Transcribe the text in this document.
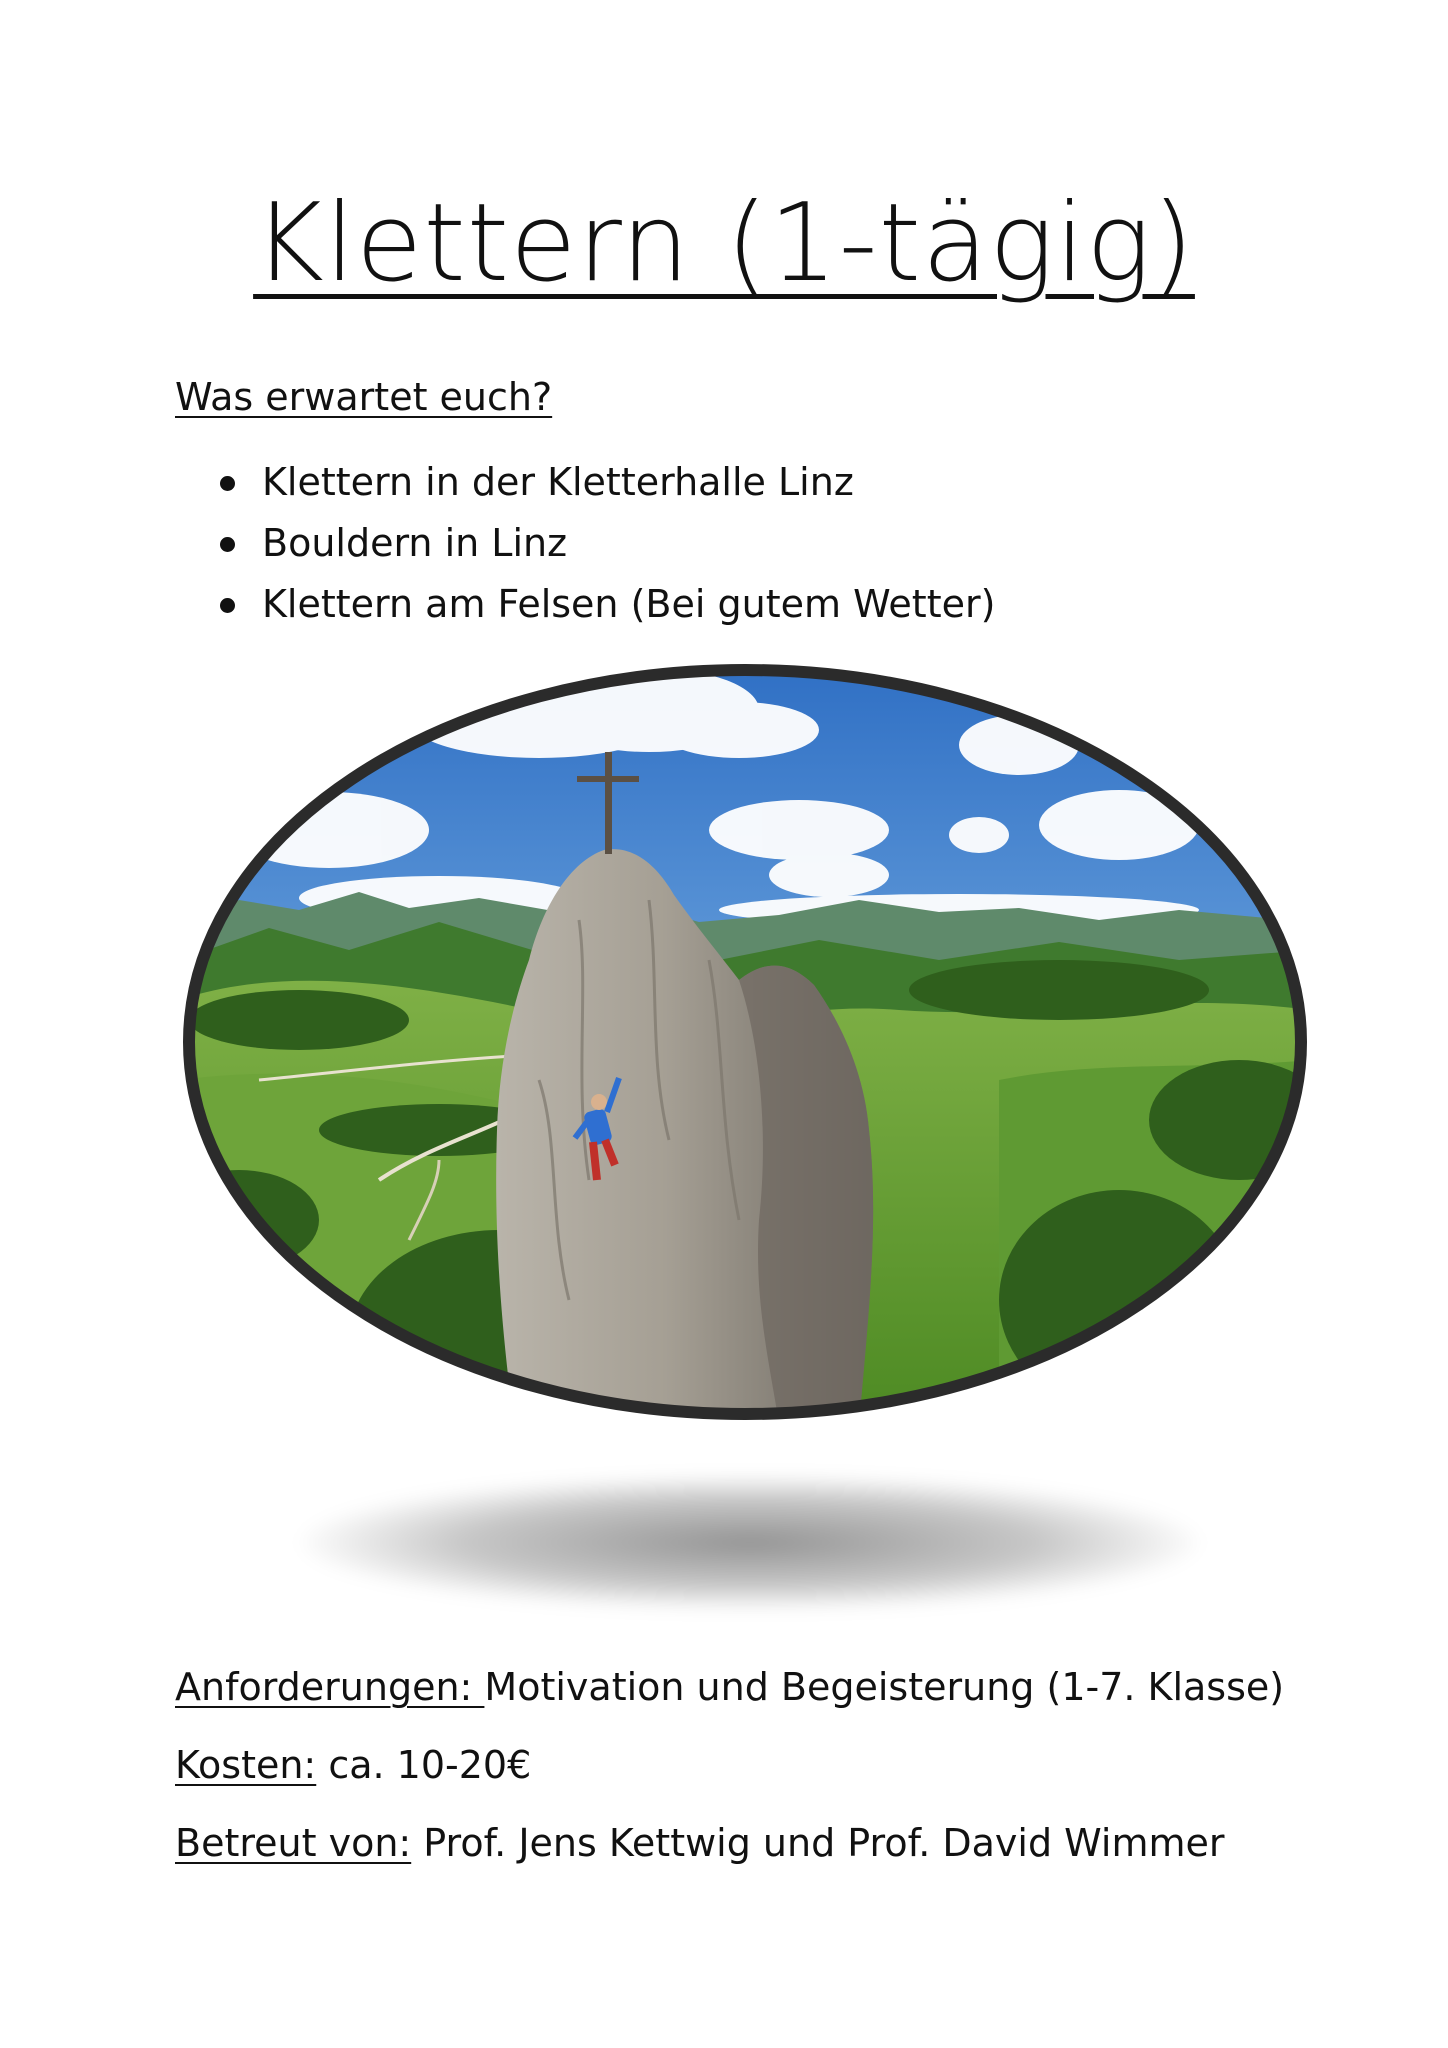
Klettern (1-tägig)

Was erwartet euch?

Klettern in der Kletterhalle Linz
Bouldern in Linz
Klettern am Felsen (Bei gutem Wetter)

Anforderungen: Motivation und Begeisterung (1-7. Klasse)

Kosten: ca. 10-20€

Betreut von: Prof. Jens Kettwig und Prof. David Wimmer
